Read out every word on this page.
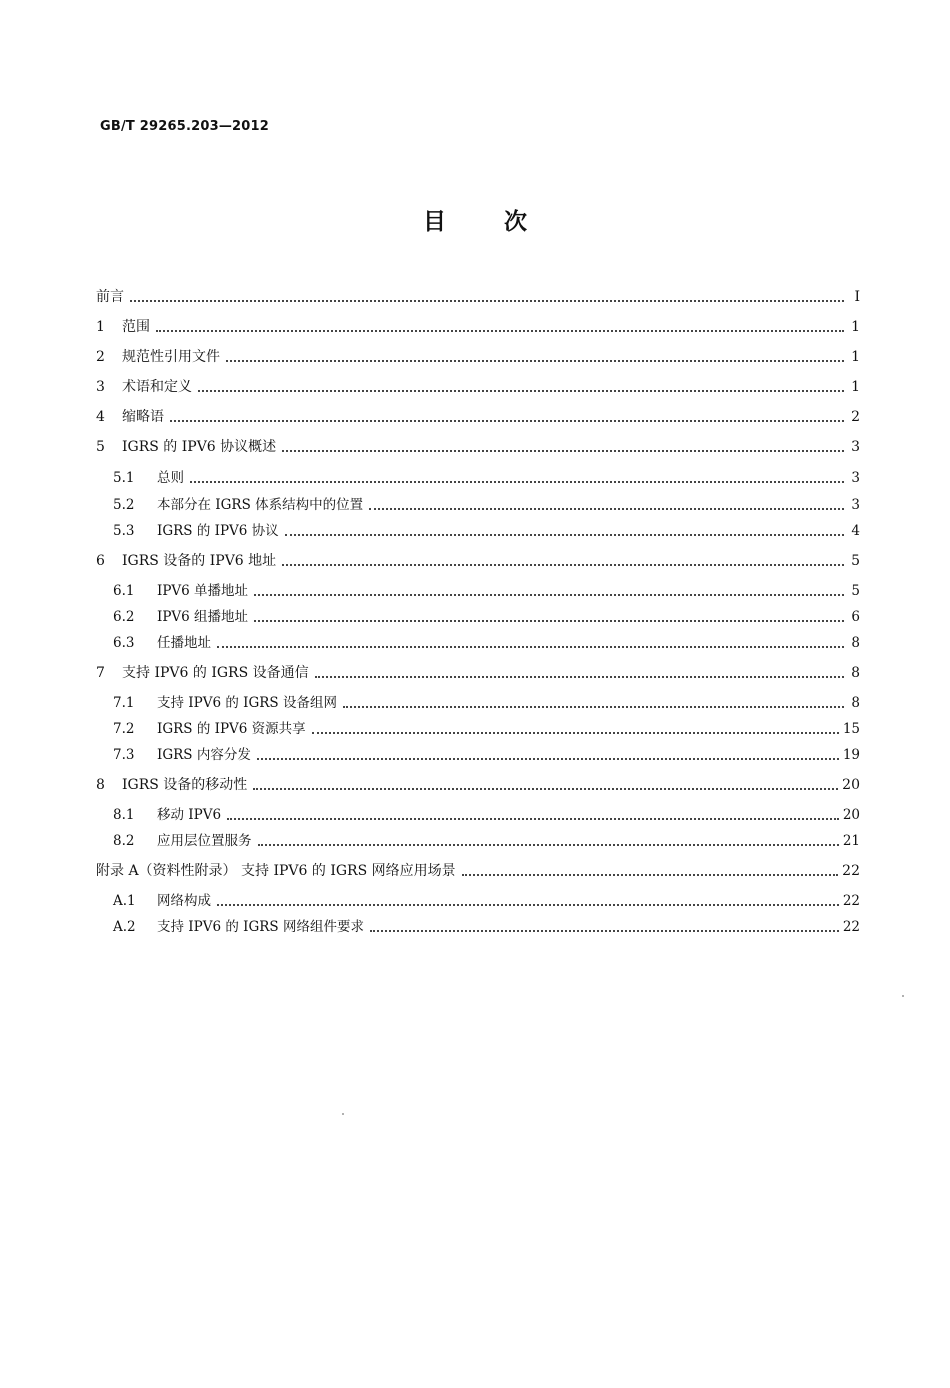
GB/T 29265.203—2012
目	次
前言	I
1	范围	1
2	规范性引用文件	1
3	术语和定义	1
4	缩略语	2
5	IGRS 的 IPV6 协议概述	3
5.1	总则	3
5.2	本部分在 IGRS 体系结构中的位置	3
5.3	IGRS 的 IPV6 协议	4
6	IGRS 设备的 IPV6 地址	5
6.1	IPV6 单播地址	5
6.2	IPV6 组播地址	6
6.3	任播地址	8
7	支持 IPV6 的 IGRS 设备通信	8
7.1	支持 IPV6 的 IGRS 设备组网	8
7.2	IGRS 的 IPV6 资源共享	15
7.3	IGRS 内容分发	19
8	IGRS 设备的移动性	20
8.1	移动 IPV6	20
8.2	应用层位置服务	21
附录 A（资料性附录） 支持 IPV6 的 IGRS 网络应用场景	22
A.1	网络构成	22
A.2	支持 IPV6 的 IGRS 网络组件要求	22
